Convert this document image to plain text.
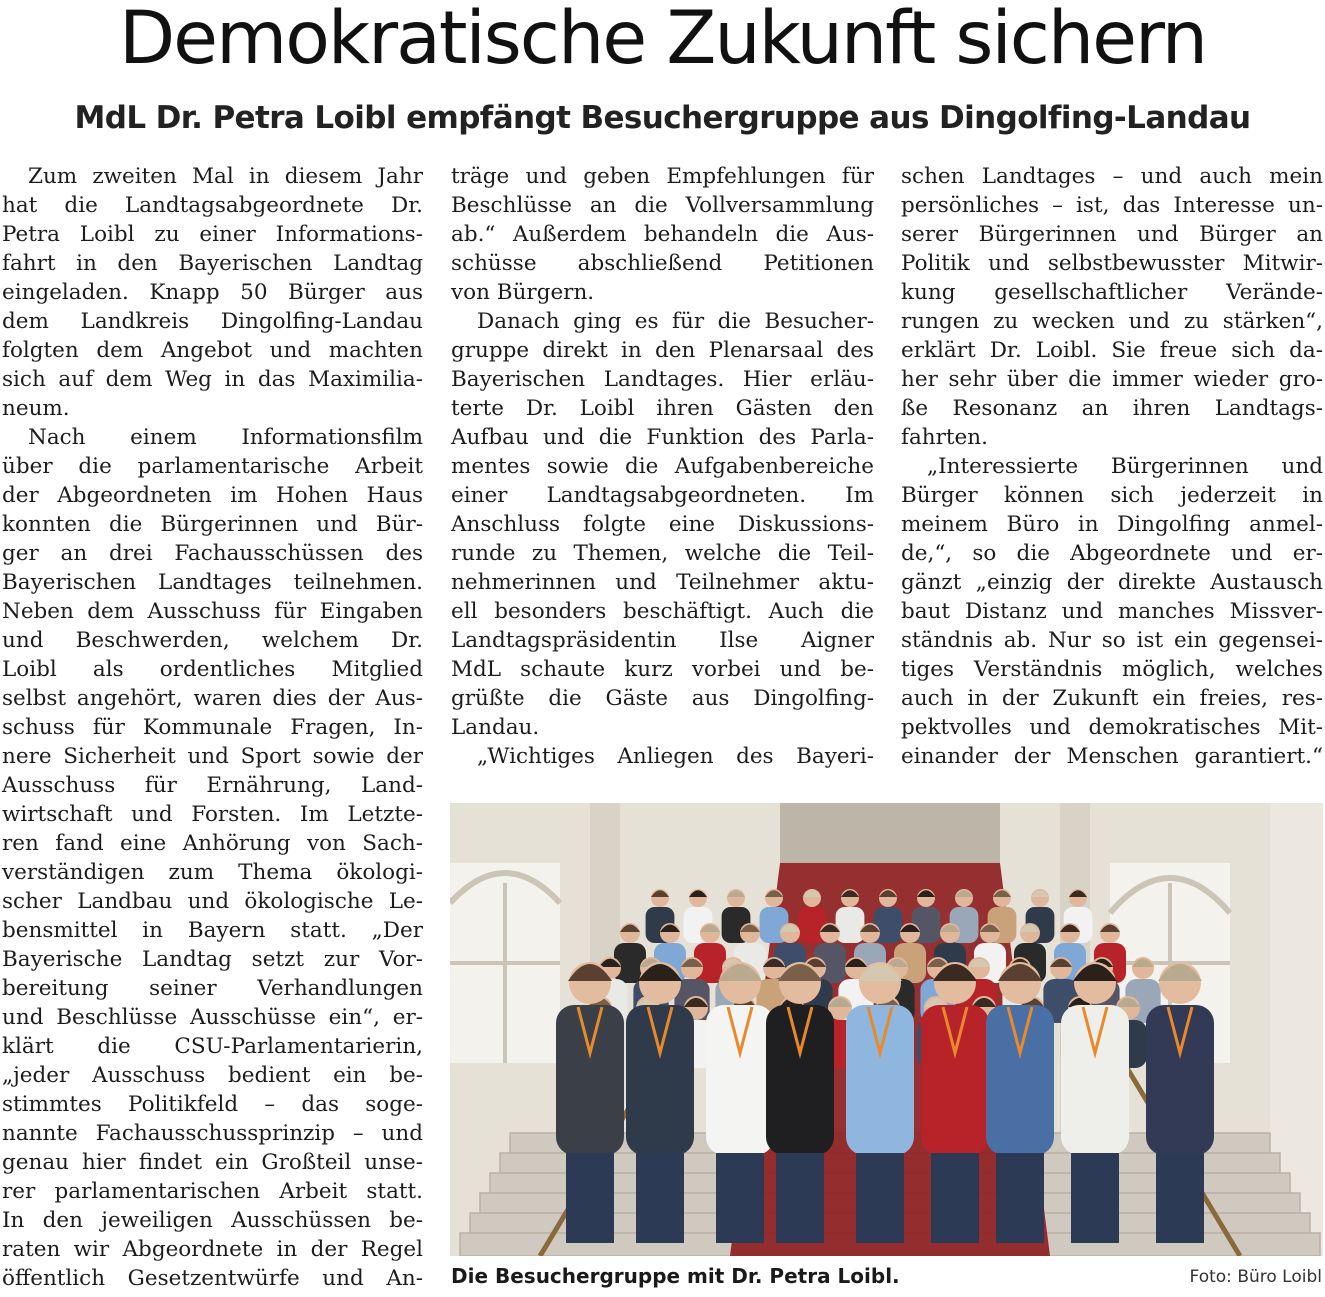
Demokratische Zukunft sichern
MdL Dr. Petra Loibl empfängt Besuchergruppe aus Dingolfing-Landau
Zum zweiten Mal in diesem Jahr
hat die Landtagsabgeordnete Dr.
Petra Loibl zu einer Informations-
fahrt in den Bayerischen Landtag
eingeladen. Knapp 50 Bürger aus
dem Landkreis Dingolfing-Landau
folgten dem Angebot und machten
sich auf dem Weg in das Maximilia-
neum.
Nach einem Informationsfilm
über die parlamentarische Arbeit
der Abgeordneten im Hohen Haus
konnten die Bürgerinnen und Bür-
ger an drei Fachausschüssen des
Bayerischen Landtages teilnehmen.
Neben dem Ausschuss für Eingaben
und Beschwerden, welchem Dr.
Loibl als ordentliches Mitglied
selbst angehört, waren dies der Aus-
schuss für Kommunale Fragen, In-
nere Sicherheit und Sport sowie der
Ausschuss für Ernährung, Land-
wirtschaft und Forsten. Im Letzte-
ren fand eine Anhörung von Sach-
verständigen zum Thema ökologi-
scher Landbau und ökologische Le-
bensmittel in Bayern statt. „Der
Bayerische Landtag setzt zur Vor-
bereitung seiner Verhandlungen
und Beschlüsse Ausschüsse ein“, er-
klärt die CSU-Parlamentarierin,
„jeder Ausschuss bedient ein be-
stimmtes Politikfeld – das soge-
nannte Fachausschussprinzip – und
genau hier findet ein Großteil unse-
rer parlamentarischen Arbeit statt.
In den jeweiligen Ausschüssen be-
raten wir Abgeordnete in der Regel
öffentlich Gesetzentwürfe und An-
träge und geben Empfehlungen für
Beschlüsse an die Vollversammlung
ab.“ Außerdem behandeln die Aus-
schüsse abschließend Petitionen
von Bürgern.
Danach ging es für die Besucher-
gruppe direkt in den Plenarsaal des
Bayerischen Landtages. Hier erläu-
terte Dr. Loibl ihren Gästen den
Aufbau und die Funktion des Parla-
mentes sowie die Aufgabenbereiche
einer Landtagsabgeordneten. Im
Anschluss folgte eine Diskussions-
runde zu Themen, welche die Teil-
nehmerinnen und Teilnehmer aktu-
ell besonders beschäftigt. Auch die
Landtagspräsidentin Ilse Aigner
MdL schaute kurz vorbei und be-
grüßte die Gäste aus Dingolfing-
Landau.
„Wichtiges Anliegen des Bayeri-
schen Landtages – und auch mein
persönliches – ist, das Interesse un-
serer Bürgerinnen und Bürger an
Politik und selbstbewusster Mitwir-
kung gesellschaftlicher Verände-
rungen zu wecken und zu stärken“,
erklärt Dr. Loibl. Sie freue sich da-
her sehr über die immer wieder gro-
ße Resonanz an ihren Landtags-
fahrten.
„Interessierte Bürgerinnen und
Bürger können sich jederzeit in
meinem Büro in Dingolfing anmel-
de,“, so die Abgeordnete und er-
gänzt „einzig der direkte Austausch
baut Distanz und manches Missver-
ständnis ab. Nur so ist ein gegensei-
tiges Verständnis möglich, welches
auch in der Zukunft ein freies, res-
pektvolles und demokratisches Mit-
einander der Menschen garantiert.“
Die Besuchergruppe mit Dr. Petra Loibl.	Foto: Büro Loibl
